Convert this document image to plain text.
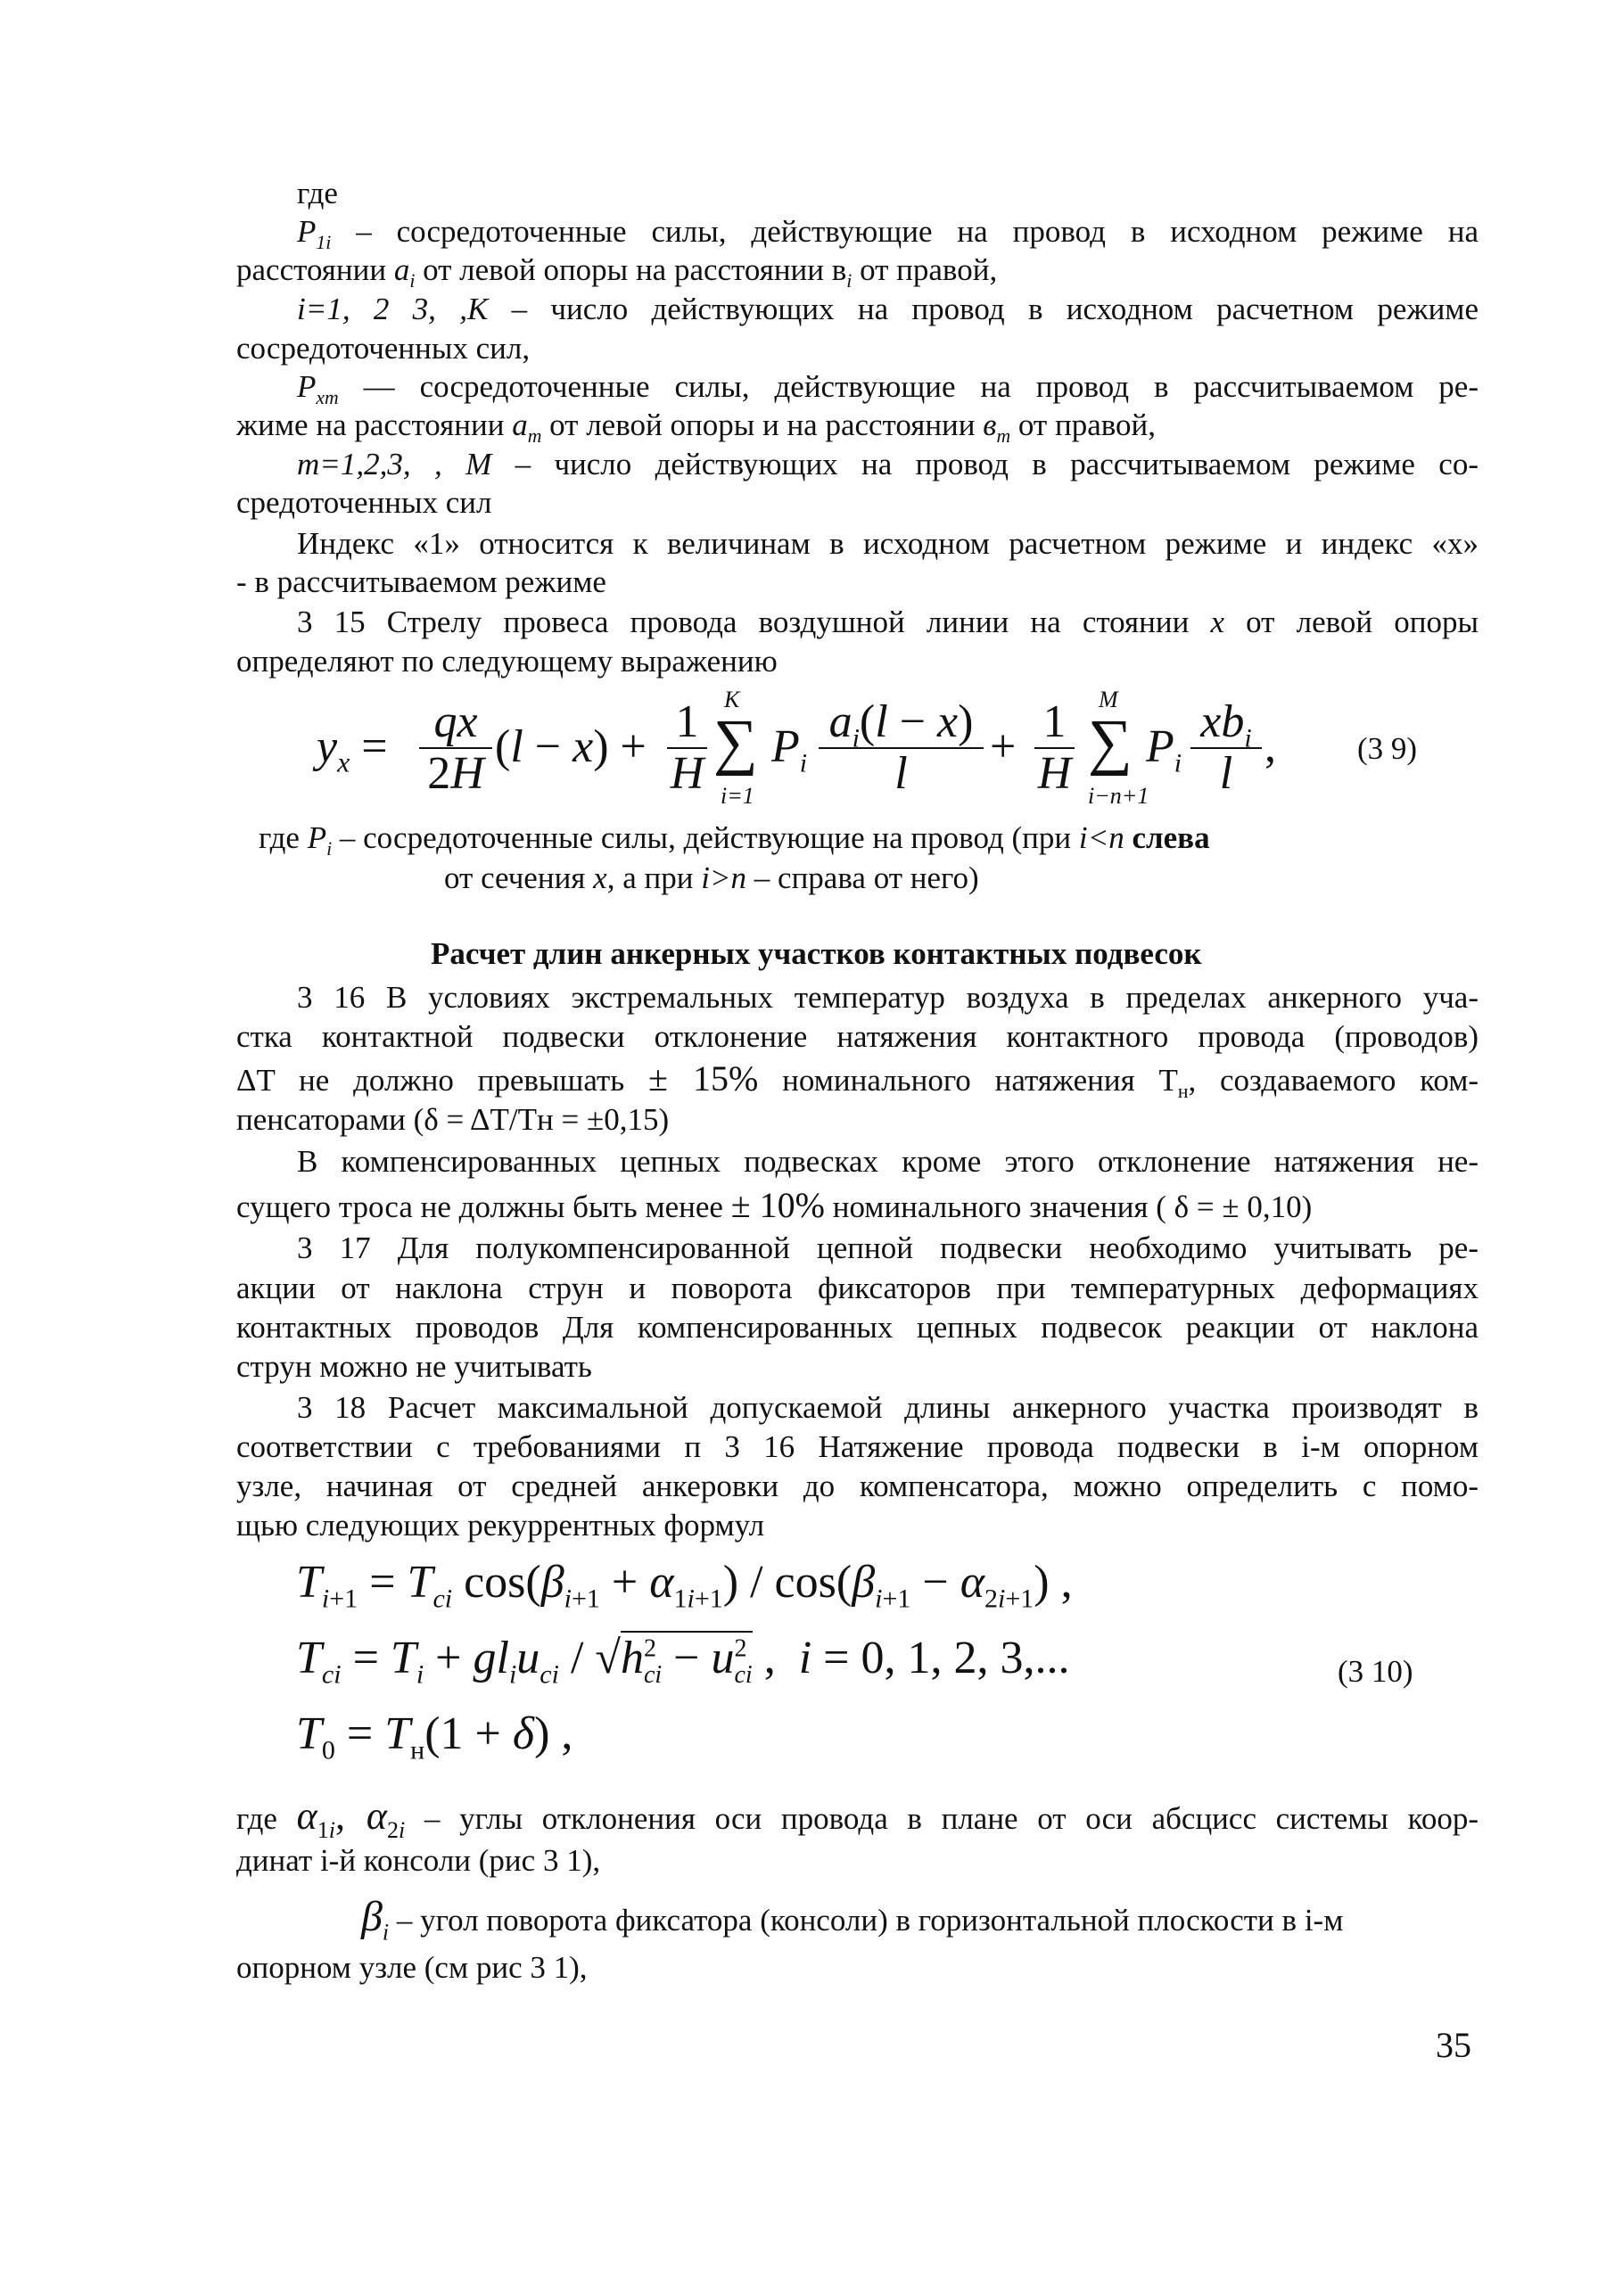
где
$P_{1i}$ – сосредоточенные силы, действующие на провод в исходном режиме на
расстоянии $a_i$ от левой опоры на расстоянии $в_i$ от правой,
i=1, 2 3, ,K – число действующих на провод в исходном расчетном режиме
сосредоточенных сил,
$P_{xm}$ — сосредоточенные силы, действующие на провод в рассчитываемом ре-
жиме на расстоянии $a_m$ от левой опоры и на расстоянии $в_m$ от правой,
m=1,2,3, , M – число действующих на провод в рассчитываемом режиме со-
средоточенных сил
Индекс «1» относится к величинам в исходном расчетном режиме и индекс «x»
- в рассчитываемом режиме
3 15 Стрелу провеса провода воздушной линии на стоянии x от левой опоры
определяют по следующему выражению
$y_x$ = qx
2H
(l − x) + 1
H
K
∑
i=1
$P_i$
$a_i(l - x)$
l
+ 1
H
M
∑
i−n+1
$P_i$
$xb_i$
l
,	(3 9)
где $P_i$ – сосредоточенные силы, действующие на провод (при i<n слева
от сечения x, а при i>n – справа от него)
Расчет длин анкерных участков контактных подвесок
3 16 В условиях экстремальных температур воздуха в пределах анкерного уча-
стка контактной подвески отклонение натяжения контактного провода (проводов)
ΔT не должно превышать ± 15% номинального натяжения $T_н$, создаваемого ком-
пенсаторами (δ = ΔT/Tн = ±0,15)
В компенсированных цепных подвесках кроме этого отклонение натяжения не-
сущего троса не должны быть менее ± 10% номинального значения ( δ = ± 0,10)
3 17 Для полукомпенсированной цепной подвески необходимо учитывать ре-
акции от наклона струн и поворота фиксаторов при температурных деформациях
контактных проводов Для компенсированных цепных подвесок реакции от наклона
струн можно не учитывать
3 18 Расчет максимальной допускаемой длины анкерного участка производят в
соответствии с требованиями п 3 16 Натяжение провода подвески в i-м опорном
узле, начиная от средней анкеровки до компенсатора, можно определить с помо-
щью следующих рекуррентных формул
$T_{i+1} = T_{ci}$ $\cos(\beta_{i+1} + \alpha_{1i+1}) / \cos(\beta_{i+1} - \alpha_{2i+1})$ ,
$T_{ci} = T_i + gl_iu_{ci} / √h^2_{ci} - u^2_{ci}$ ,  i = 0, 1, 2, 3,...
$T_0 = T_н(1 + \delta)$ ,
(3 10)
где $\alpha_{1i}$, $\alpha_{2i}$ – углы отклонения оси провода в плане от оси абсцисс системы коор-
динат i-й консоли (рис 3 1),
$\beta_i$ – угол поворота фиксатора (консоли) в горизонтальной плоскости в i-м
опорном узле (см рис 3 1),
35
